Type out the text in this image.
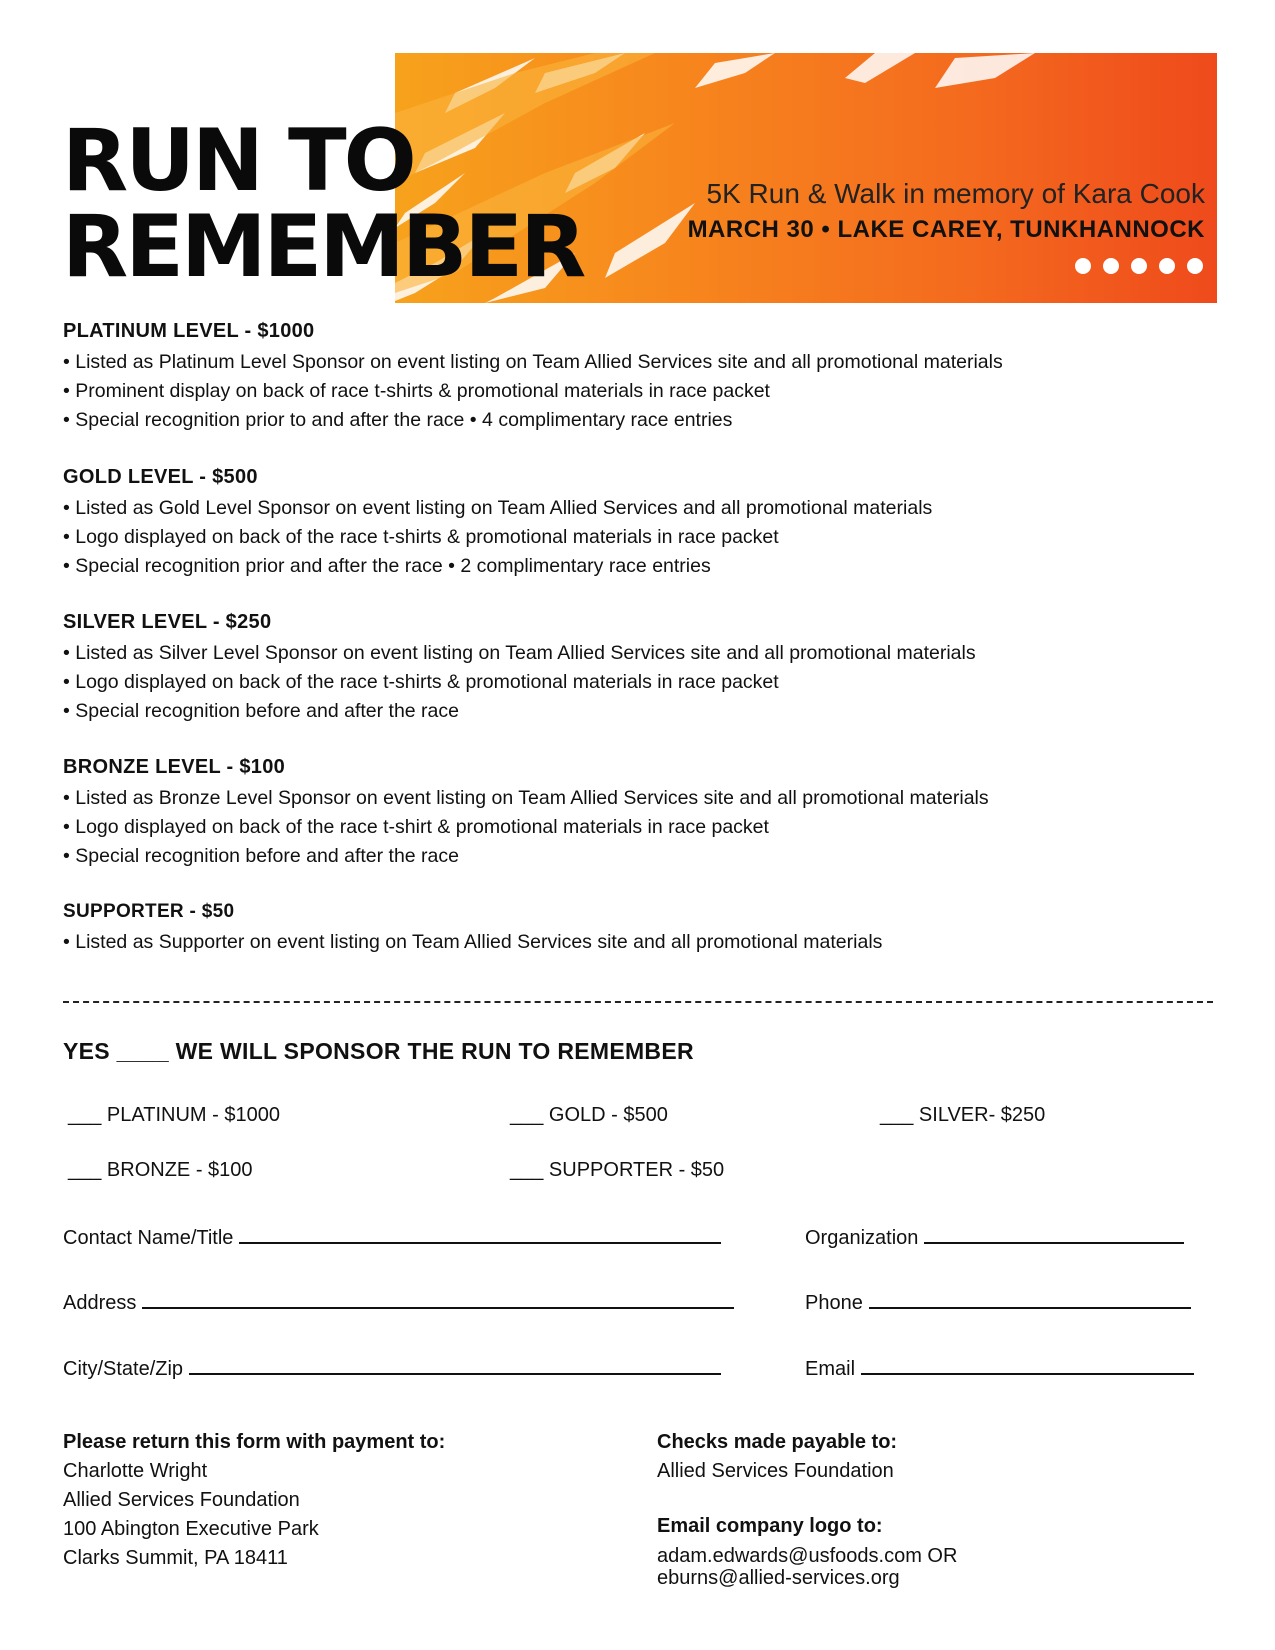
RUN TO
REMEMBER
5K Run & Walk in memory of Kara Cook
MARCH 30 • LAKE CAREY, TUNKHANNOCK
PLATINUM LEVEL - $1000

• Listed as Platinum Level Sponsor on event listing on Team Allied Services site and all promotional materials

• Prominent display on back of race t-shirts & promotional materials in race packet

• Special recognition prior to and after the race • 4 complimentary race entries

GOLD LEVEL - $500

• Listed as Gold Level Sponsor on event listing on Team Allied Services and all promotional materials

• Logo displayed on back of the race t-shirts & promotional materials in race packet

• Special recognition prior and after the race • 2 complimentary race entries

SILVER LEVEL - $250

• Listed as Silver Level Sponsor on event listing on Team Allied Services site and all promotional materials

• Logo displayed on back of the race t-shirts & promotional materials in race packet

• Special recognition before and after the race

BRONZE LEVEL - $100

• Listed as Bronze Level Sponsor on event listing on Team Allied Services site and all promotional materials

• Logo displayed on back of the race t-shirt & promotional materials in race packet

• Special recognition before and after the race

SUPPORTER - $50

• Listed as Supporter on event listing on Team Allied Services site and all promotional materials

YES ____ WE WILL SPONSOR THE RUN TO REMEMBER
___ PLATINUM - $1000	___ GOLD - $500	___ SILVER- $250
___ BRONZE - $100	___ SUPPORTER - $50
Contact Name/Title	Organization
Address	Phone
City/State/Zip	Email
Please return this form with payment to:
Charlotte Wright
Allied Services Foundation
100 Abington Executive Park
Clarks Summit, PA 18411
Checks made payable to:
Allied Services Foundation
Email company logo to:
adam.edwards@usfoods.com OR
eburns@allied-services.org
